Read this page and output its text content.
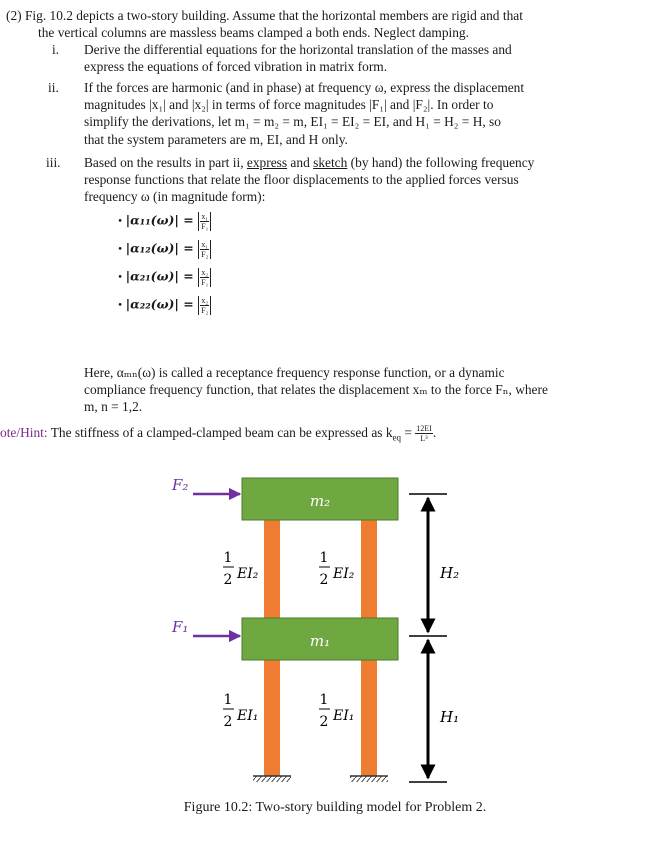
(2) Fig. 10.2 depicts a two-story building. Assume that the horizontal members are rigid and that
the vertical columns are massless beams clamped a both ends. Neglect damping.
i. Derive the differential equations for the horizontal translation of the masses and
express the equations of forced vibration in matrix form.
ii. If the forces are harmonic (and in phase) at frequency ω, express the displacement
magnitudes |x₁| and |x₂| in terms of force magnitudes |F₁| and |F₂|. In order to
simplify the derivations, let m₁ = m₂ = m, EI₁ = EI₂ = EI, and H₁ = H₂ = H, so
that the system parameters are m, EI, and H only.
iii. Based on the results in part ii, express and sketch (by hand) the following frequency
response functions that relate the floor displacements to the applied forces versus
frequency ω (in magnitude form):
• $|\alpha_{11}(\omega)| = \frac{\text{x₁}}{\text{F₁}}$
• $|\alpha_{12}(\omega)| = \frac{\text{x₁}}{\text{F₂}}$
• $|\alpha_{21}(\omega)| = \frac{\text{x₂}}{\text{F₁}}$
• $|\alpha_{22}(\omega)| = \frac{\text{x₂}}{\text{F₂}}$
Here, αₘₙ(ω) is called a receptance frequency response function, or a dynamic
compliance frequency function, that relates the displacement xₘ to the force Fₙ, where
m, n = 1,2.
ote/Hint: The stiffness of a clamped-clamped beam can be expressed as $k_{eq} = \frac{12EI}{\text{L³}}$ .
m₂
m₁
F₂
F₁
1
2 EI₂
1
2 EI₂
1
2 EI₁
1
2 EI₁
H₂
H₁
Figure 10.2: Two-story building model for Problem 2.
